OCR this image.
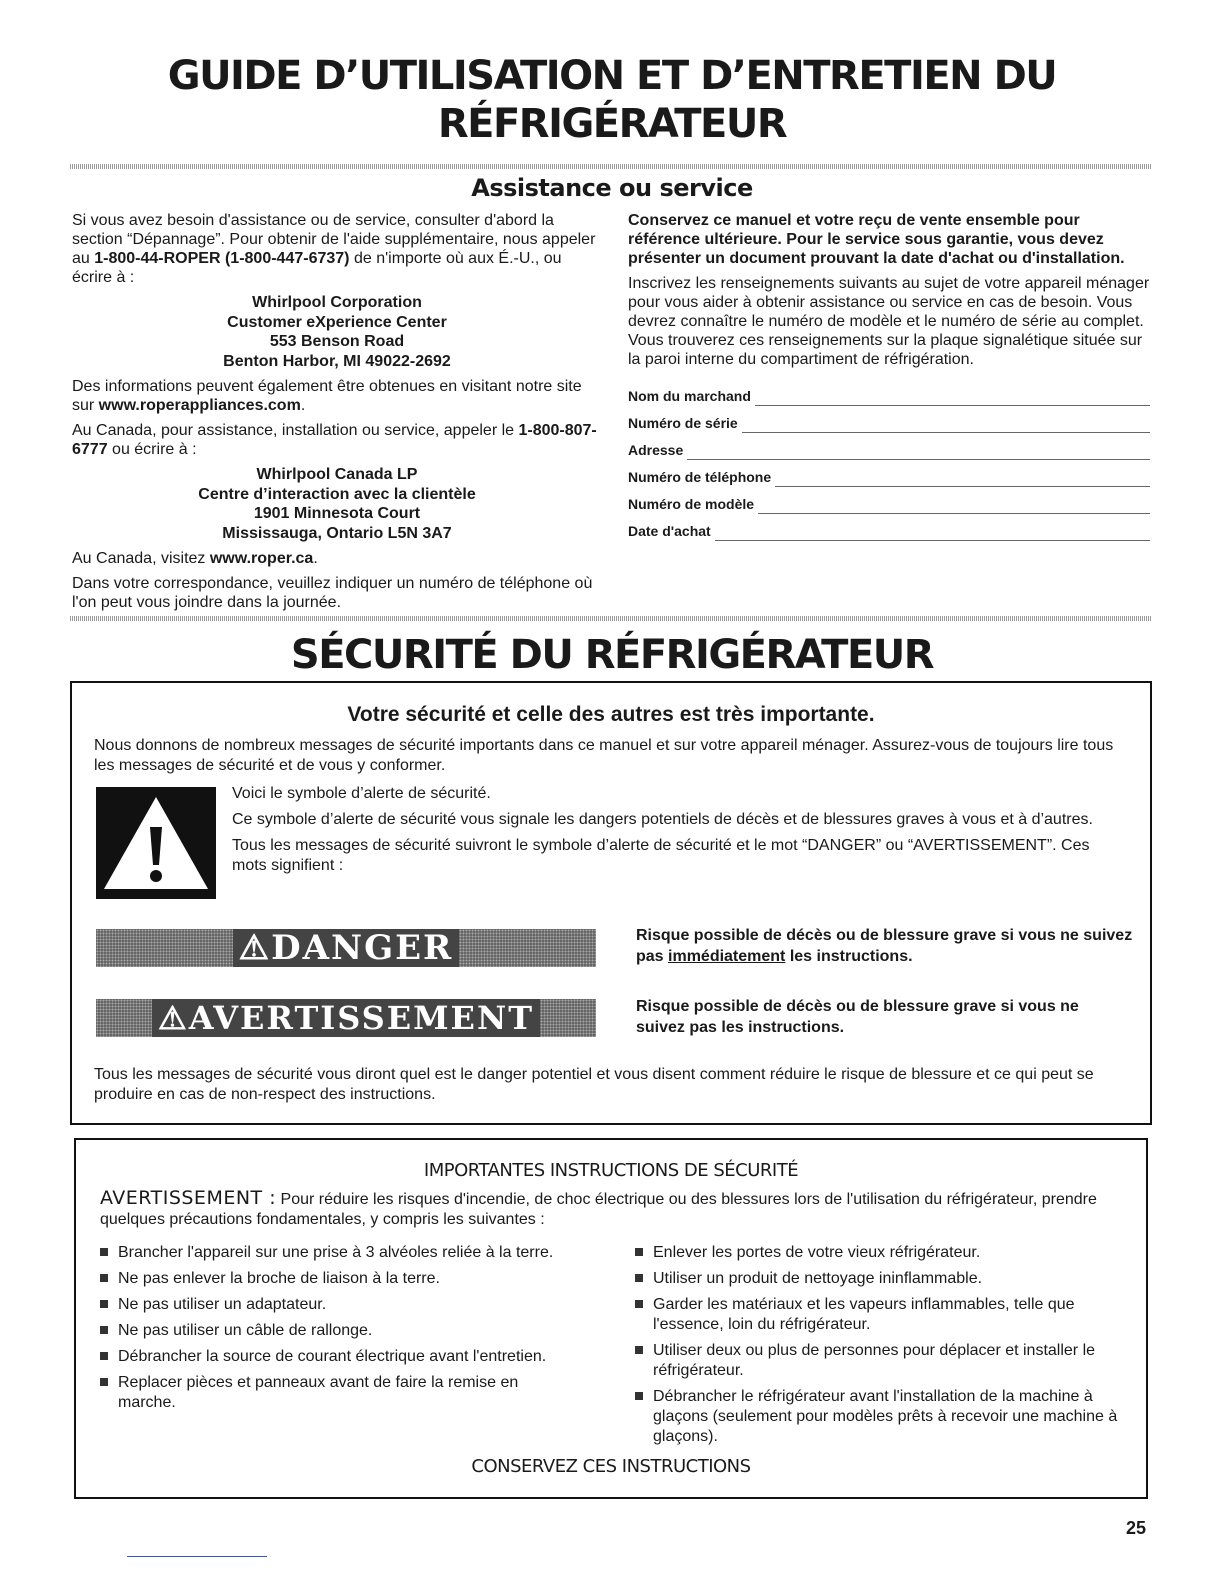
GUIDE D’UTILISATION ET D’ENTRETIEN DU
RÉFRIGÉRATEUR
Assistance ou service

Si vous avez besoin d'assistance ou de service, consulter d'abord la section “Dépannage”. Pour obtenir de l'aide supplémentaire, nous appeler au 1-800-44-ROPER (1-800-447-6737) de n'importe où aux É.-U., ou écrire à :

Whirlpool Corporation
Customer eXperience Center
553 Benson Road
Benton Harbor, MI 49022-2692

Des informations peuvent également être obtenues en visitant notre site sur www.roperappliances.com.

Au Canada, pour assistance, installation ou service, appeler le 1-800-807-6777 ou écrire à :

Whirlpool Canada LP
Centre d’interaction avec la clientèle
1901 Minnesota Court
Mississauga, Ontario L5N 3A7

Au Canada, visitez www.roper.ca.

Dans votre correspondance, veuillez indiquer un numéro de téléphone où l'on peut vous joindre dans la journée.

Conservez ce manuel et votre reçu de vente ensemble pour référence ultérieure. Pour le service sous garantie, vous devez présenter un document prouvant la date d'achat ou d'installation.

Inscrivez les renseignements suivants au sujet de votre appareil ménager pour vous aider à obtenir assistance ou service en cas de besoin. Vous devrez connaître le numéro de modèle et le numéro de série au complet. Vous trouverez ces renseignements sur la plaque signalétique située sur la paroi interne du compartiment de réfrigération.

Nom du marchand
Numéro de série
Adresse
Numéro de téléphone
Numéro de modèle
Date d'achat
SÉCURITÉ DU RÉFRIGÉRATEUR
Votre sécurité et celle des autres est très importante.
Nous donnons de nombreux messages de sécurité importants dans ce manuel et sur votre appareil ménager. Assurez-vous de toujours lire tous les messages de sécurité et de vous y conformer.
Voici le symbole d’alerte de sécurité.
Ce symbole d’alerte de sécurité vous signale les dangers potentiels de décès et de blessures graves à vous et à d’autres.
Tous les messages de sécurité suivront le symbole d’alerte de sécurité et le mot “DANGER” ou “AVERTISSEMENT”. Ces mots signifient :
⚠DANGER
⚠AVERTISSEMENT
Risque possible de décès ou de blessure grave si vous ne suivez pas immédiatement les instructions.
Risque possible de décès ou de blessure grave si vous ne suivez pas les instructions.
Tous les messages de sécurité vous diront quel est le danger potentiel et vous disent comment réduire le risque de blessure et ce qui peut se produire en cas de non-respect des instructions.
IMPORTANTES INSTRUCTIONS DE SÉCURITÉ
AVERTISSEMENT : Pour réduire les risques d'incendie, de choc électrique ou des blessures lors de l'utilisation du réfrigérateur, prendre quelques précautions fondamentales, y compris les suivantes :
Brancher l'appareil sur une prise à 3 alvéoles reliée à la terre.
Ne pas enlever la broche de liaison à la terre.
Ne pas utiliser un adaptateur.
Ne pas utiliser un câble de rallonge.
Débrancher la source de courant électrique avant l'entretien.
Replacer pièces et panneaux avant de faire la remise en marche.
Enlever les portes de votre vieux réfrigérateur.
Utiliser un produit de nettoyage ininflammable.
Garder les matériaux et les vapeurs inflammables, telle que l'essence, loin du réfrigérateur.
Utiliser deux ou plus de personnes pour déplacer et installer le réfrigérateur.
Débrancher le réfrigérateur avant l'installation de la machine à glaçons (seulement pour modèles prêts à recevoir une machine à glaçons).
CONSERVEZ CES INSTRUCTIONS
25
